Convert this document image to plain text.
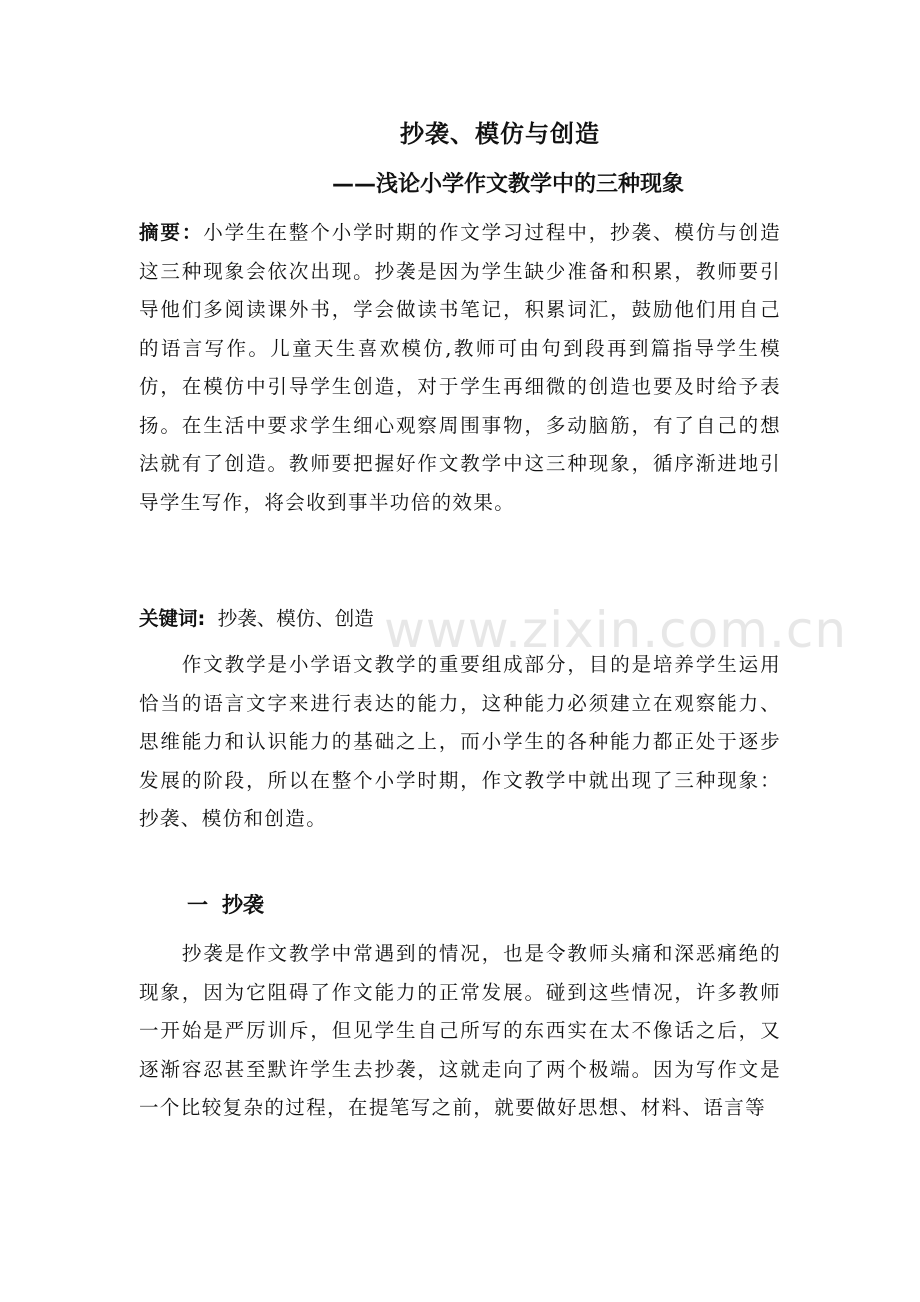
抄袭、模仿与创造
——浅论小学作文教学中的三种现象
摘要：小学生在整个小学时期的作文学习过程中，抄袭、模仿与创造这三种现象会依次出现。抄袭是因为学生缺少准备和积累，教师要引导他们多阅读课外书，学会做读书笔记，积累词汇，鼓励他们用自己的语言写作。儿童天生喜欢模仿,教师可由句到段再到篇指导学生模仿，在模仿中引导学生创造，对于学生再细微的创造也要及时给予表扬。在生活中要求学生细心观察周围事物，多动脑筋，有了自己的想法就有了创造。教师要把握好作文教学中这三种现象，循序渐进地引导学生写作，将会收到事半功倍的效果。
关键词: 抄袭、模仿、创造
作文教学是小学语文教学的重要组成部分，目的是培养学生运用恰当的语言文字来进行表达的能力，这种能力必须建立在观察能力、思维能力和认识能力的基础之上，而小学生的各种能力都正处于逐步发展的阶段，所以在整个小学时期，作文教学中就出现了三种现象：抄袭、模仿和创造。
一 抄袭
抄袭是作文教学中常遇到的情况，也是令教师头痛和深恶痛绝的现象，因为它阻碍了作文能力的正常发展。碰到这些情况，许多教师一开始是严厉训斥，但见学生自己所写的东西实在太不像话之后，又逐渐容忍甚至默许学生去抄袭，这就走向了两个极端。因为写作文是一个比较复杂的过程，在提笔写之前，就要做好思想、材料、语言等
www.zixin.com.cn
